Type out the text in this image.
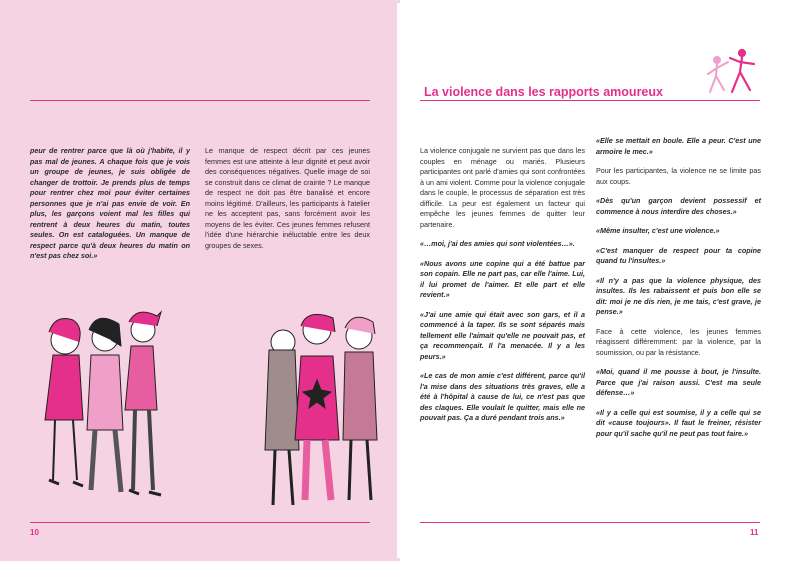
peur de rentrer parce que là où j'habite, il y pas mal de jeunes. A chaque fois que je vois un groupe de jeunes, je suis obligée de changer de trottoir. Je prends plus de temps pour rentrer chez moi pour éviter certaines personnes que je n'ai pas envie de voir. En plus, les garçons voient mal les filles qui rentrent à deux heures du matin, toutes seules. On est cataloguées. Un manque de respect parce qu'à deux heures du matin on n'est pas chez soi.»

Le manque de respect décrit par ces jeunes femmes est une atteinte à leur dignité et peut avoir des conséquences négatives. Quelle image de soi se construit dans ce climat de crainte ? Le manque de respect ne doit pas être banalisé et encore moins légitimé. D'ailleurs, les participants à l'atelier ne les acceptent pas, sans forcément avoir les moyens de les éviter. Ces jeunes femmes refusent l'idée d'une hiérarchie inéluctable entre les deux groupes de sexes.

10
La violence dans les rapports amoureux

La violence conjugale ne survient pas que dans les couples en ménage ou mariés. Plusieurs participantes ont parlé d'amies qui sont confrontées à un ami violent. Comme pour la violence conjugale dans le couple, le processus de séparation est très difficile. La peur est également un facteur qui empêche les jeunes femmes de quitter leur partenaire.

«…moi, j'ai des amies qui sont violentées…».

«Nous avons une copine qui a été battue par son copain. Elle ne part pas, car elle l'aime. Lui, il lui promet de l'aimer. Et elle part et elle revient.»

«J'ai une amie qui était avec son gars, et il a commencé à la taper. Ils se sont séparés mais tellement elle l'aimait qu'elle ne pouvait pas, et ça recommençait. Il l'a menacée. Il y a les peurs.»

«Le cas de mon amie c'est différent, parce qu'il l'a mise dans des situations très graves, elle a été à l'hôpital à cause de lui, ce n'est pas que des claques. Elle voulait le quitter, mais elle ne pouvait pas. Ça a duré pendant trois ans.»

«Elle se mettait en boule. Elle a peur. C'est une armoire le mec.»

Pour les participantes, la violence ne se limite pas aux coups.

«Dès qu'un garçon devient possessif et commence à nous interdire des choses.»

«Même insulter, c'est une violence.»

«C'est manquer de respect pour ta copine quand tu l'insultes.»

«Il n'y a pas que la violence physique, des insultes. Ils les rabaissent et puis bon elle se dit: moi je ne dis rien, je me tais, c'est grave, je pense.»

Face à cette violence, les jeunes femmes réagissent différemment: par la violence, par la soumission, ou par la résistance.

«Moi, quand il me pousse à bout, je l'insulte. Parce que j'ai raison aussi. C'est ma seule défense…»

«Il y a celle qui est soumise, il y a celle qui se dit «cause toujours». Il faut le freiner, résister pour qu'il sache qu'il ne peut pas tout faire.»

11
